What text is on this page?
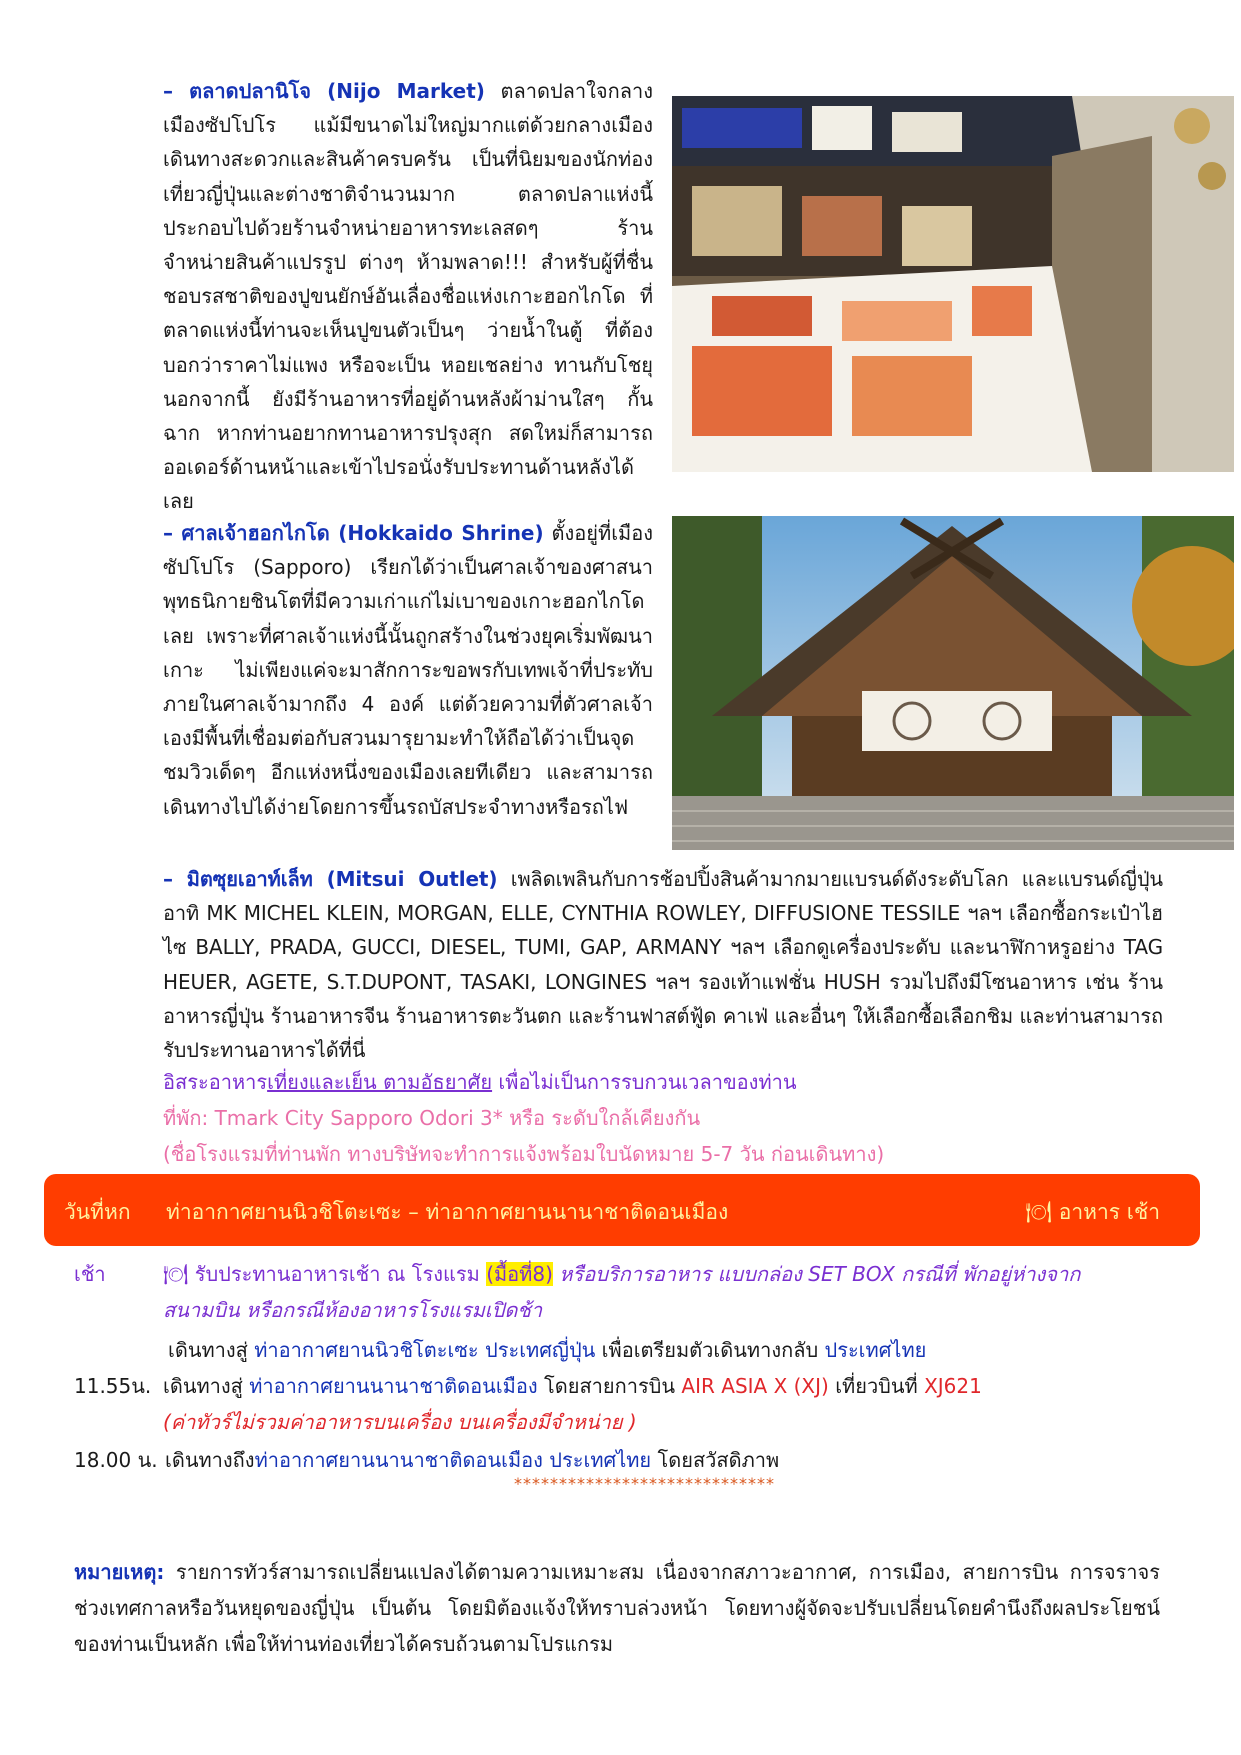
– ตลาดปลานิโจ (Nijo Market) ตลาดปลาใจกลางเมืองซัปโปโร แม้มีขนาดไม่ใหญ่มากแต่ด้วยกลางเมือง เดินทางสะดวกและสินค้าครบครัน เป็นที่นิยมของนักท่องเที่ยวญี่ปุ่นและต่างชาติจำนวนมาก ตลาดปลาแห่งนี้ประกอบไปด้วยร้านจำหน่ายอาหารทะเลสดๆ ร้านจำหน่ายสินค้าแปรรูป ต่างๆ ห้ามพลาด!!! สำหรับผู้ที่ชื่นชอบรสชาติของปูขนยักษ์อันเลื่องชื่อแห่งเกาะฮอกไกโด ที่ตลาดแห่งนี้ท่านจะเห็นปูขนตัวเป็นๆ ว่ายน้ำในตู้ ที่ต้องบอกว่าราคาไม่แพง หรือจะเป็น หอยเชลย่าง ทานกับโชยุ นอกจากนี้ ยังมีร้านอาหารที่อยู่ด้านหลังผ้าม่านใสๆ กั้นฉาก หากท่านอยากทานอาหารปรุงสุก สดใหม่ก็สามารถออเดอร์ด้านหน้าและเข้าไปรอนั่งรับประทานด้านหลังได้เลย

– ศาลเจ้าฮอกไกโด (Hokkaido Shrine) ตั้งอยู่ที่เมืองซัปโปโร (Sapporo) เรียกได้ว่าเป็นศาลเจ้าของศาสนาพุทธนิกายชินโตที่มีความเก่าแก่ไม่เบาของเกาะฮอกไกโด เลย เพราะที่ศาลเจ้าแห่งนี้นั้นถูกสร้างในช่วงยุคเริ่มพัฒนาเกาะ ไม่เพียงแค่จะมาสักการะขอพรกับเทพเจ้าที่ประทับภายในศาลเจ้ามากถึง 4 องค์ แต่ด้วยความที่ตัวศาลเจ้าเองมีพื้นที่เชื่อมต่อกับสวนมารุยามะทำให้ถือได้ว่าเป็นจุดชมวิวเด็ดๆ อีกแห่งหนึ่งของเมืองเลยทีเดียว และสามารถเดินทางไปได้ง่ายโดยการขึ้นรถบัสประจำทางหรือรถไฟ

– มิตซุยเอาท์เล็ท (Mitsui Outlet) เพลิดเพลินกับการช้อปปิ้งสินค้ามากมายแบรนด์ดังระดับโลก และแบรนด์ญี่ปุ่น อาทิ MK MICHEL KLEIN, MORGAN, ELLE, CYNTHIA ROWLEY, DIFFUSIONE TESSILE ฯลฯ เลือกซื้อกระเป๋าไฮไซ BALLY, PRADA, GUCCI, DIESEL, TUMI, GAP, ARMANY ฯลฯ เลือกดูเครื่องประดับ และนาฬิกาหรูอย่าง TAG HEUER, AGETE, S.T.DUPONT, TASAKI, LONGINES ฯลฯ รองเท้าแฟชั่น HUSH รวมไปถึงมีโซนอาหาร เช่น ร้านอาหารญี่ปุ่น ร้านอาหารจีน ร้านอาหารตะวันตก และร้านฟาสต์ฟู้ด คาเฟ่ และอื่นๆ ให้เลือกซื้อเลือกชิม และท่านสามารถรับประทานอาหารได้ที่นี่

อิสระอาหารเที่ยงและเย็น ตามอัธยาศัย เพื่อไม่เป็นการรบกวนเวลาของท่าน
ที่พัก: Tmark City Sapporo Odori 3* หรือ ระดับใกล้เคียงกัน
(ชื่อโรงแรมที่ท่านพัก ทางบริษัทจะทำการแจ้งพร้อมใบนัดหมาย 5-7 วัน ก่อนเดินทาง)
วันที่หก ท่าอากาศยานนิวชิโตะเซะ – ท่าอากาศยานนานาชาติดอนเมือง	🍽 อาหาร เช้า
เช้า	🍽 รับประทานอาหารเช้า ณ โรงแรม (มื้อที่8) หรือบริการอาหาร แบบกล่อง SET BOX กรณีที่ พักอยู่ห่างจาก
สนามบิน หรือกรณีห้องอาหารโรงแรมเปิดช้า
เดินทางสู่ ท่าอากาศยานนิวชิโตะเซะ ประเทศญี่ปุ่น เพื่อเตรียมตัวเดินทางกลับ ประเทศไทย
11.55น. เดินทางสู่ ท่าอากาศยานนานาชาติดอนเมือง โดยสายการบิน AIR ASIA X (XJ) เที่ยวบินที่ XJ621
(ค่าทัวร์ไม่รวมค่าอาหารบนเครื่อง บนเครื่องมีจำหน่าย )
18.00 น. เดินทางถึงท่าอากาศยานนานาชาติดอนเมือง ประเทศไทย โดยสวัสดิภาพ
*****************************
หมายเหตุ: รายการทัวร์สามารถเปลี่ยนแปลงได้ตามความเหมาะสม เนื่องจากสภาวะอากาศ, การเมือง, สายการบิน การจราจร ช่วงเทศกาลหรือวันหยุดของญี่ปุ่น เป็นต้น โดยมิต้องแจ้งให้ทราบล่วงหน้า โดยทางผู้จัดจะปรับเปลี่ยนโดยคำนึงถึงผลประโยชน์ของท่านเป็นหลัก เพื่อให้ท่านท่องเที่ยวได้ครบถ้วนตามโปรแกรม
